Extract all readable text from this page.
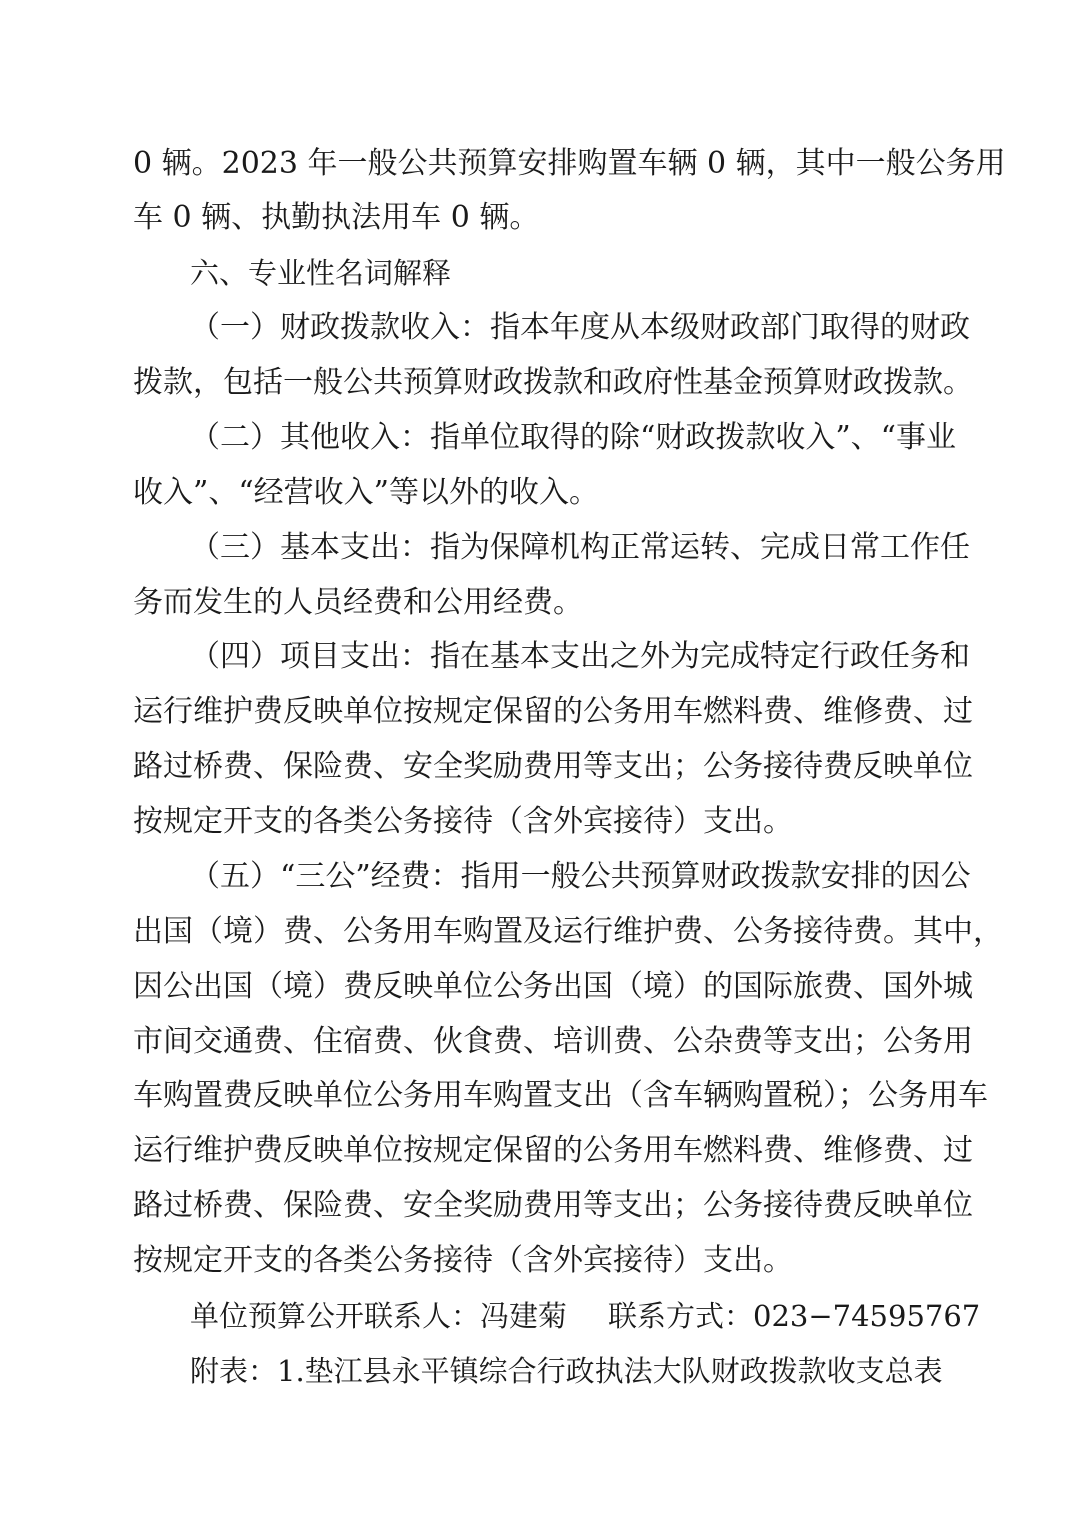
0 辆。2023 年一般公共预算安排购置车辆 0 辆，其中一般公务用
车 0 辆、执勤执法用车 0 辆。
六、专业性名词解释
（一）财政拨款收入：指本年度从本级财政部门取得的财政
拨款，包括一般公共预算财政拨款和政府性基金预算财政拨款。
（二）其他收入：指单位取得的除“财政拨款收入”、“事业
收入”、“经营收入”等以外的收入。
（三）基本支出：指为保障机构正常运转、完成日常工作任
务而发生的人员经费和公用经费。
（四）项目支出：指在基本支出之外为完成特定行政任务和
运行维护费反映单位按规定保留的公务用车燃料费、维修费、过
路过桥费、保险费、安全奖励费用等支出；公务接待费反映单位
按规定开支的各类公务接待（含外宾接待）支出。
（五）“三公”经费：指用一般公共预算财政拨款安排的因公
出国（境）费、公务用车购置及运行维护费、公务接待费。其中，
因公出国（境）费反映单位公务出国（境）的国际旅费、国外城
市间交通费、住宿费、伙食费、培训费、公杂费等支出；公务用
车购置费反映单位公务用车购置支出（含车辆购置税）；公务用车
运行维护费反映单位按规定保留的公务用车燃料费、维修费、过
路过桥费、保险费、安全奖励费用等支出；公务接待费反映单位
按规定开支的各类公务接待（含外宾接待）支出。
单位预算公开联系人：冯建菊 联系方式：023−74595767
附表：1.垫江县永平镇综合行政执法大队财政拨款收支总表
